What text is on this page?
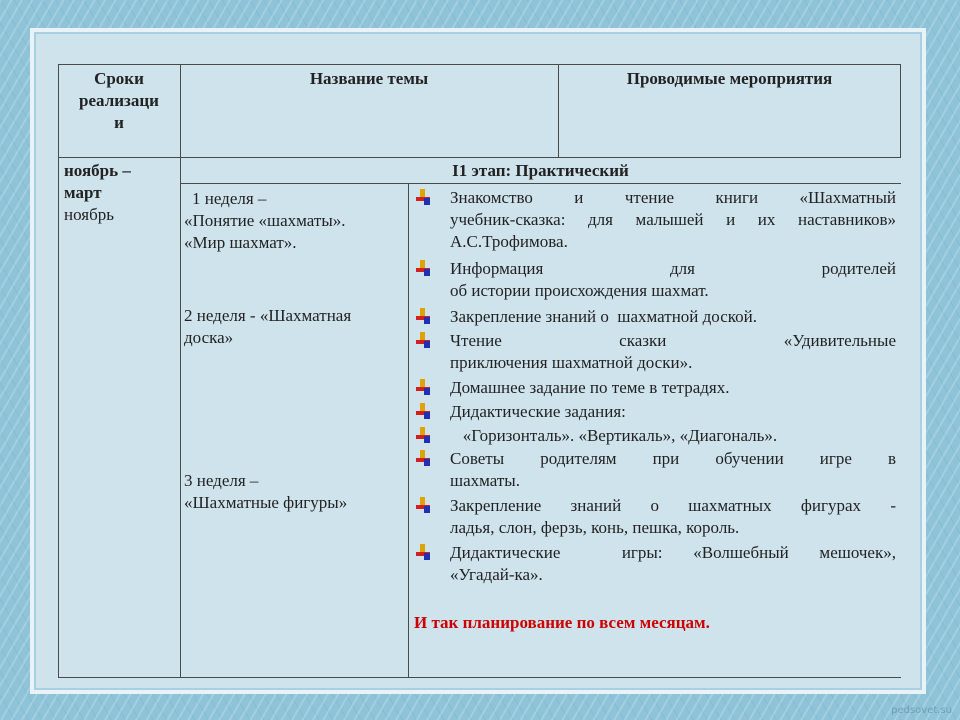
Сроки
реализаци
и
Название темы	Проводимые мероприятия
ноябрь –
март
ноябрь
I1 этап: Практический
1 неделя –
«Понятие «шахматы».
«Мир шахмат».
2 неделя - «Шахматная
доска»
3 неделя –
«Шахматные фигуры»
Знакомство и чтение книги «Шахматный
учебник-сказка: для малышей и их наставников»
А.С.Трофимова.
Информация для родителей
об истории происхождения шахмат.
Закрепление знаний о  шахматной доской.
Чтение сказки «Удивительные
приключения шахматной доски».
Домашнее задание по теме в тетрадях.
Дидактические задания:
«Горизонталь». «Вертикаль», «Диагональ».
Советы родителям при обучении игре в
шахматы.
Закрепление знаний о шахматных фигурах -
ладья, слон, ферзь, конь, пешка, король.
Дидактические  игры: «Волшебный мешочек»,
«Угадай-ка».
И так планирование по всем месяцам.
pedsovet.su
